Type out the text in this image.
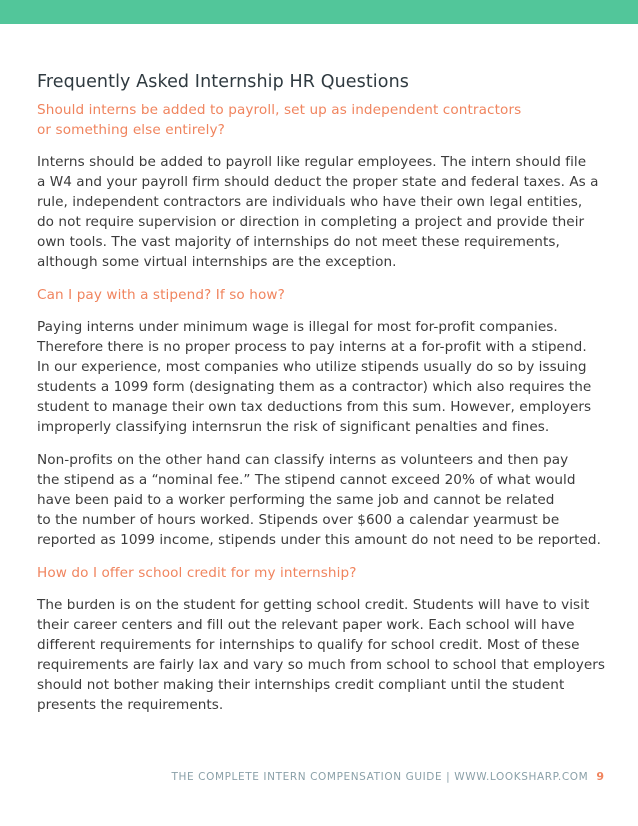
Frequently Asked Internship HR Questions

Should interns be added to payroll, set up as independent contractors
or something else entirely?

Interns should be added to payroll like regular employees. The intern should file
a W4 and your payroll firm should deduct the proper state and federal taxes. As a
rule, independent contractors are individuals who have their own legal entities,
do not require supervision or direction in completing a project and provide their
own tools. The vast majority of internships do not meet these requirements,
although some virtual internships are the exception.

Can I pay with a stipend? If so how?

Paying interns under minimum wage is illegal for most for-profit companies.
Therefore there is no proper process to pay interns at a for-profit with a stipend.
In our experience, most companies who utilize stipends usually do so by issuing
students a 1099 form (designating them as a contractor) which also requires the
student to manage their own tax deductions from this sum. However, employers
improperly classifying internsrun the risk of significant penalties and fines.

Non-profits on the other hand can classify interns as volunteers and then pay
the stipend as a “nominal fee.” The stipend cannot exceed 20% of what would
have been paid to a worker performing the same job and cannot be related
to the number of hours worked. Stipends over $600 a calendar yearmust be
reported as 1099 income, stipends under this amount do not need to be reported.

How do I offer school credit for my internship?

The burden is on the student for getting school credit. Students will have to visit
their career centers and fill out the relevant paper work. Each school will have
different requirements for internships to qualify for school credit. Most of these
requirements are fairly lax and vary so much from school to school that employers
should not bother making their internships credit compliant until the student
presents the requirements.

THE COMPLETE INTERN COMPENSATION GUIDE | WWW.LOOKSHARP.COM 9
